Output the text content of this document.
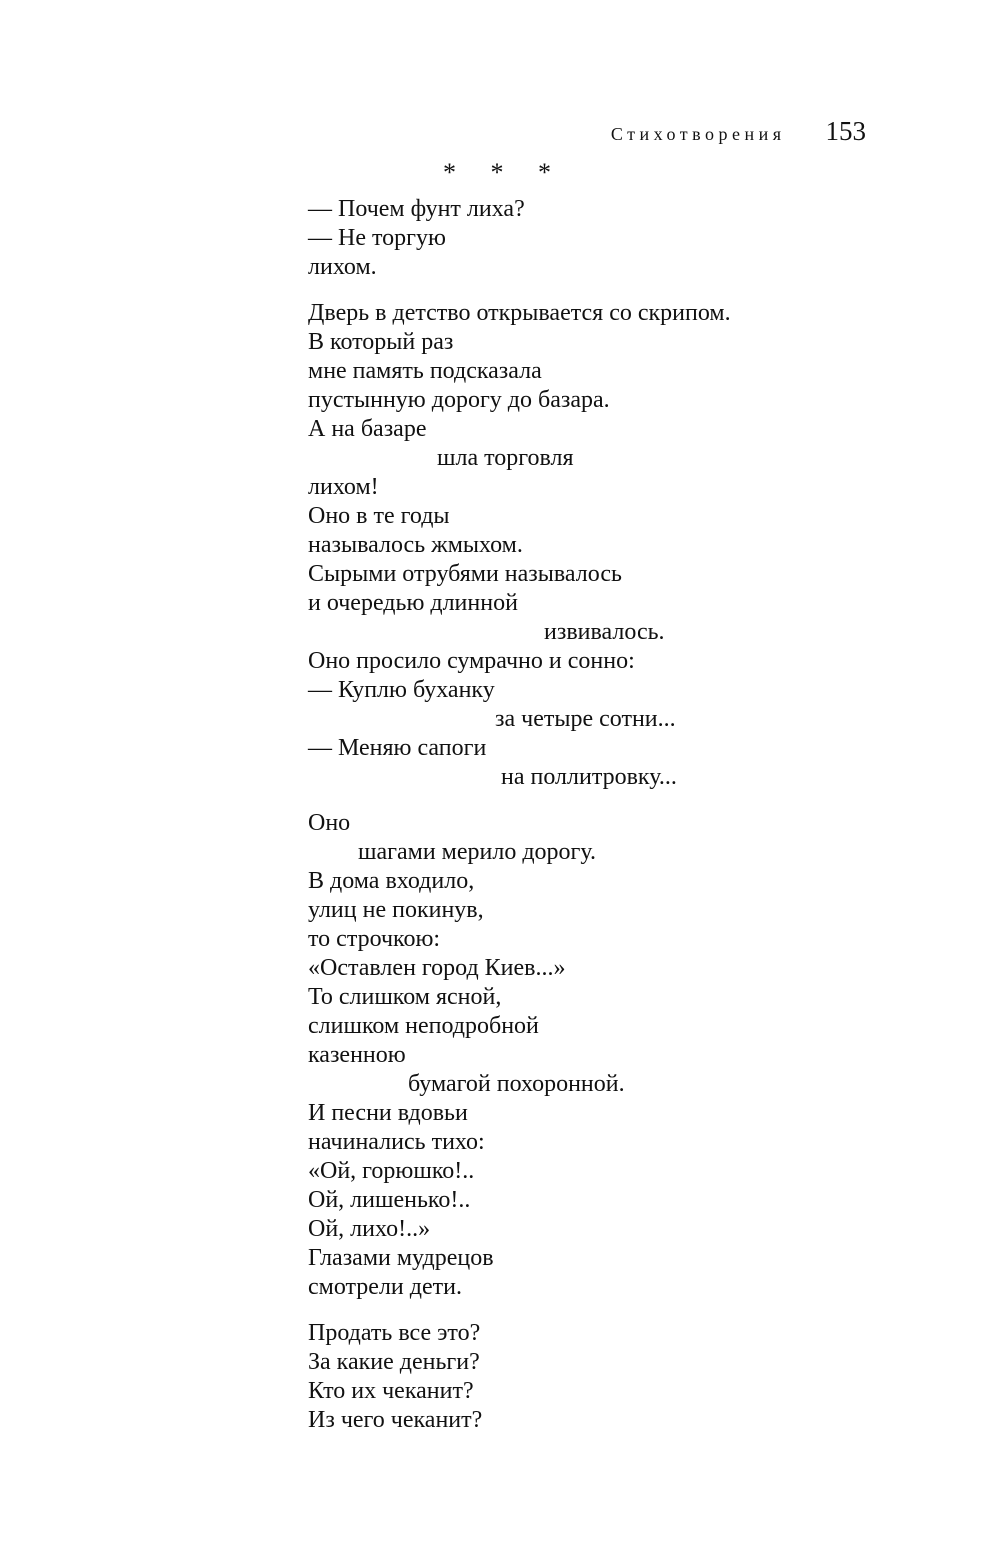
Стихотворения 153
* * *
— Почем фунт лиха?
— Не торгую
лихом.
Дверь в детство открывается со скрипом.
В который раз
мне память подсказала
пустынную дорогу до базара.
А на базаре
шла торговля
лихом!
Оно в те годы
называлось жмыхом.
Сырыми отрубями называлось
и очередью длинной
извивалось.
Оно просило сумрачно и сонно:
— Куплю буханку
за четыре сотни...
— Меняю сапоги
на поллитровку...
Оно
шагами мерило дорогу.
В дома входило,
улиц не покинув,
то строчкою:
«Оставлен город Киев...»
То слишком ясной,
слишком неподробной
казенною
бумагой похоронной.
И песни вдовьи
начинались тихо:
«Ой, горюшко!..
Ой, лишенько!..
Ой, лихо!..»
Глазами мудрецов
смотрели дети.
Продать все это?
За какие деньги?
Кто их чеканит?
Из чего чеканит?
